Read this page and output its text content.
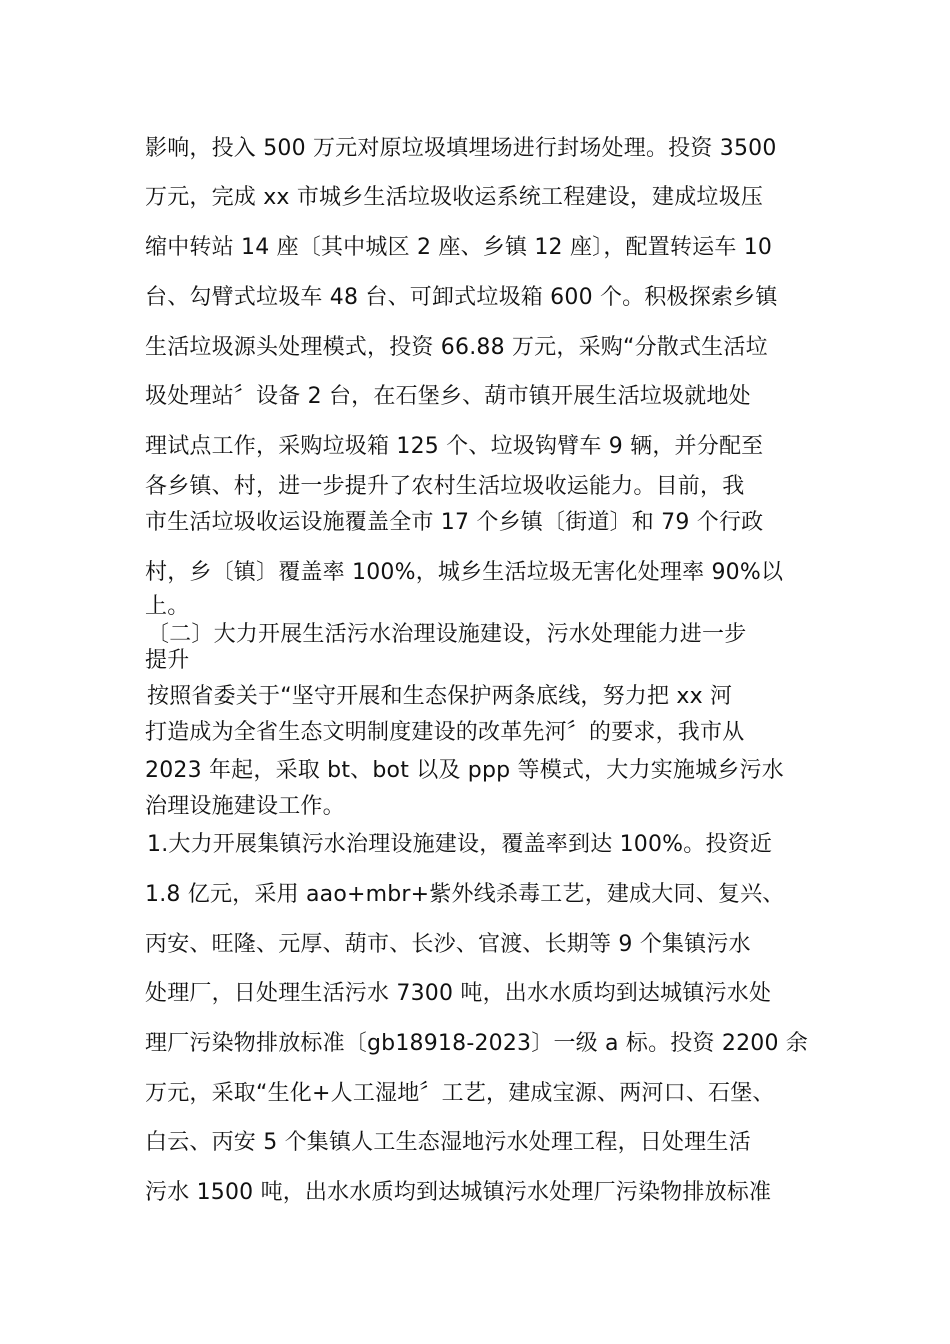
影响，投入 500 万元对原垃圾填埋场进行封场处理。投资 3500
万元，完成 xx 市城乡生活垃圾收运系统工程建设，建成垃圾压
缩中转站 14 座〔其中城区 2 座、乡镇 12 座〕，配置转运车 10
台、勾臂式垃圾车 48 台、可卸式垃圾箱 600 个。积极探索乡镇
生活垃圾源头处理模式，投资 66.88 万元，采购“分散式生活垃
圾处理站〞设备 2 台，在石堡乡、葫市镇开展生活垃圾就地处
理试点工作，采购垃圾箱 125 个、垃圾钩臂车 9 辆，并分配至
各乡镇、村，进一步提升了农村生活垃圾收运能力。目前，我
市生活垃圾收运设施覆盖全市 17 个乡镇〔街道〕和 79 个行政
村，乡〔镇〕覆盖率 100%，城乡生活垃圾无害化处理率 90%以
上。
〔二〕大力开展生活污水治理设施建设，污水处理能力进一步
提升
按照省委关于“坚守开展和生态保护两条底线，努力把 xx 河
打造成为全省生态文明制度建设的改革先河〞的要求，我市从
2023 年起，采取 bt、bot 以及 ppp 等模式，大力实施城乡污水
治理设施建设工作。
1.大力开展集镇污水治理设施建设，覆盖率到达 100%。投资近
1.8 亿元，采用 aao+mbr+紫外线杀毒工艺，建成大同、复兴、
丙安、旺隆、元厚、葫市、长沙、官渡、长期等 9 个集镇污水
处理厂，日处理生活污水 7300 吨，出水水质均到达城镇污水处
理厂污染物排放标准〔gb18918-2023〕一级 a 标。投资 2200 余
万元，采取“生化+人工湿地〞工艺，建成宝源、两河口、石堡、
白云、丙安 5 个集镇人工生态湿地污水处理工程，日处理生活
污水 1500 吨，出水水质均到达城镇污水处理厂污染物排放标准
